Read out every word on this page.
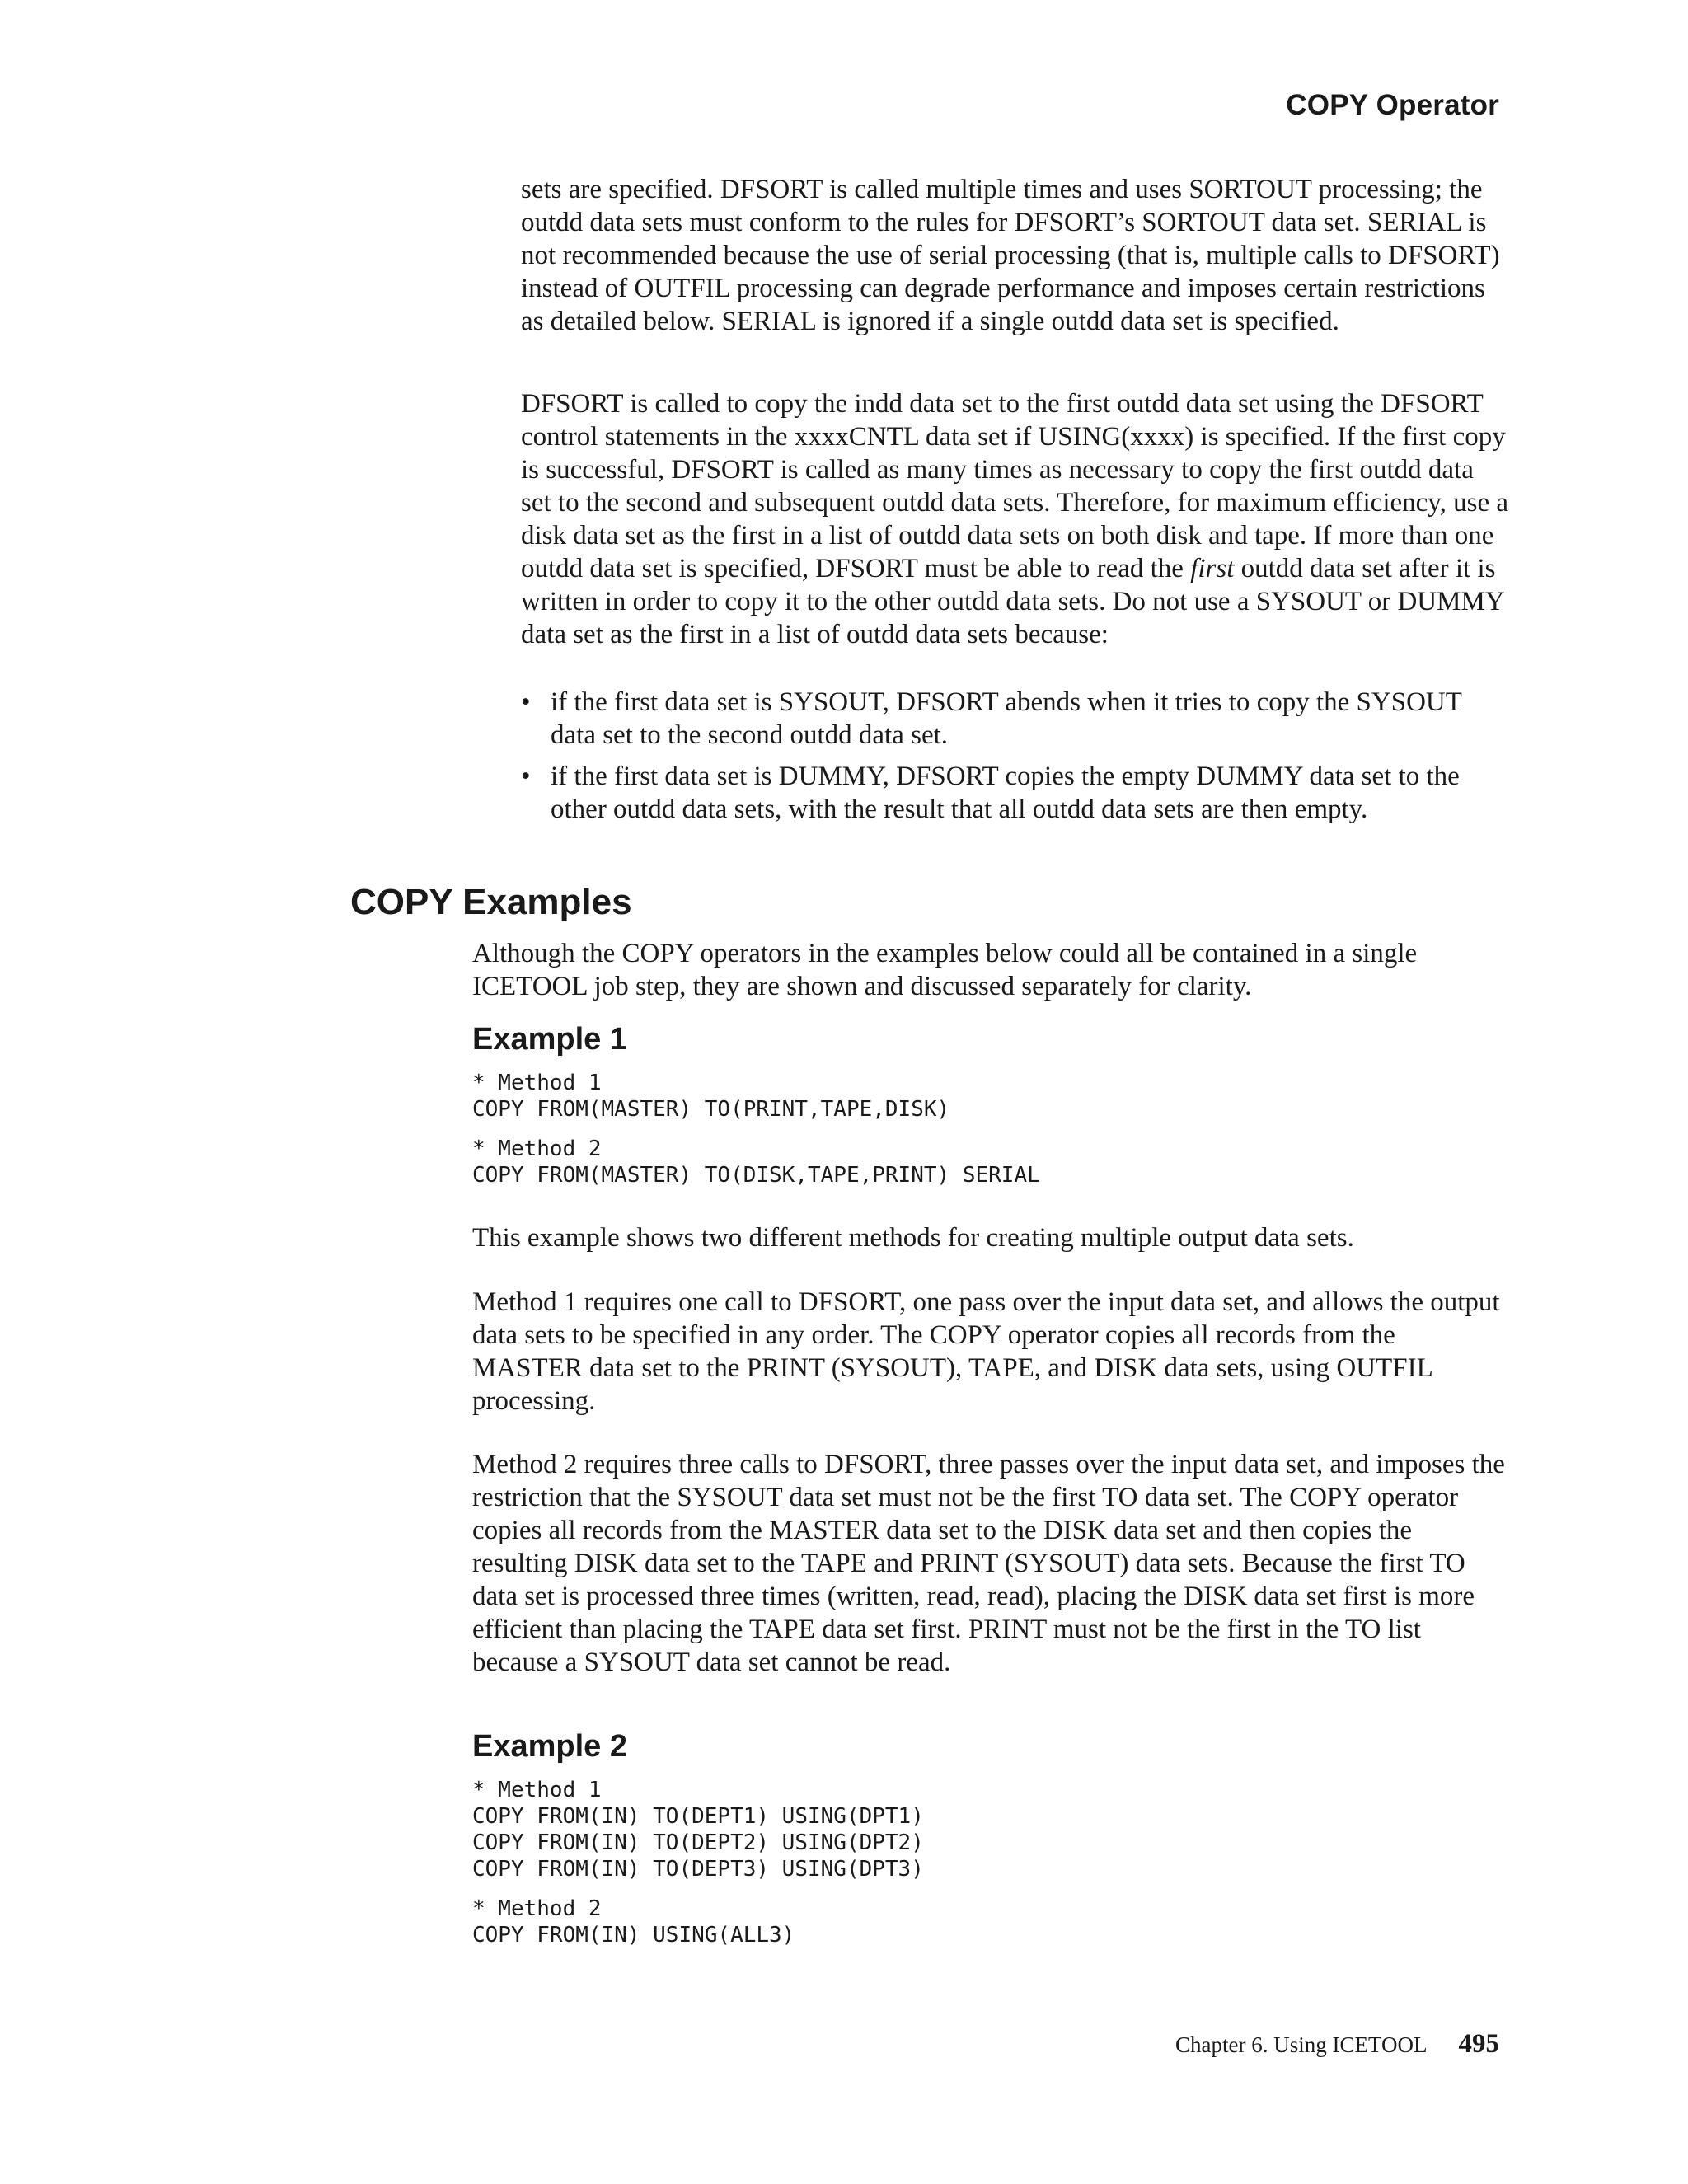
COPY Operator

sets are specified. DFSORT is called multiple times and uses SORTOUT processing; the outdd data sets must conform to the rules for DFSORT’s SORTOUT data set. SERIAL is not recommended because the use of serial processing (that is, multiple calls to DFSORT) instead of OUTFIL processing can degrade performance and imposes certain restrictions as detailed below. SERIAL is ignored if a single outdd data set is specified.

DFSORT is called to copy the indd data set to the first outdd data set using the DFSORT control statements in the xxxxCNTL data set if USING(xxxx) is specified. If the first copy is successful, DFSORT is called as many times as necessary to copy the first outdd data set to the second and subsequent outdd data sets. Therefore, for maximum efficiency, use a disk data set as the first in a list of outdd data sets on both disk and tape. If more than one outdd data set is specified, DFSORT must be able to read the first outdd data set after it is written in order to copy it to the other outdd data sets. Do not use a SYSOUT or DUMMY data set as the first in a list of outdd data sets because:

• if the first data set is SYSOUT, DFSORT abends when it tries to copy the SYSOUT data set to the second outdd data set.
• if the first data set is DUMMY, DFSORT copies the empty DUMMY data set to the other outdd data sets, with the result that all outdd data sets are then empty.
COPY Examples

Although the COPY operators in the examples below could all be contained in a single ICETOOL job step, they are shown and discussed separately for clarity.

Example 1
* Method 1
COPY FROM(MASTER) TO(PRINT,TAPE,DISK)
* Method 2
COPY FROM(MASTER) TO(DISK,TAPE,PRINT) SERIAL

This example shows two different methods for creating multiple output data sets.

Method 1 requires one call to DFSORT, one pass over the input data set, and allows the output data sets to be specified in any order. The COPY operator copies all records from the MASTER data set to the PRINT (SYSOUT), TAPE, and DISK data sets, using OUTFIL processing.

Method 2 requires three calls to DFSORT, three passes over the input data set, and imposes the restriction that the SYSOUT data set must not be the first TO data set. The COPY operator copies all records from the MASTER data set to the DISK data set and then copies the resulting DISK data set to the TAPE and PRINT (SYSOUT) data sets. Because the first TO data set is processed three times (written, read, read), placing the DISK data set first is more efficient than placing the TAPE data set first. PRINT must not be the first in the TO list because a SYSOUT data set cannot be read.

Example 2
* Method 1
COPY FROM(IN) TO(DEPT1) USING(DPT1)
COPY FROM(IN) TO(DEPT2) USING(DPT2)
COPY FROM(IN) TO(DEPT3) USING(DPT3)
* Method 2
COPY FROM(IN) USING(ALL3)
Chapter 6. Using ICETOOL 495
